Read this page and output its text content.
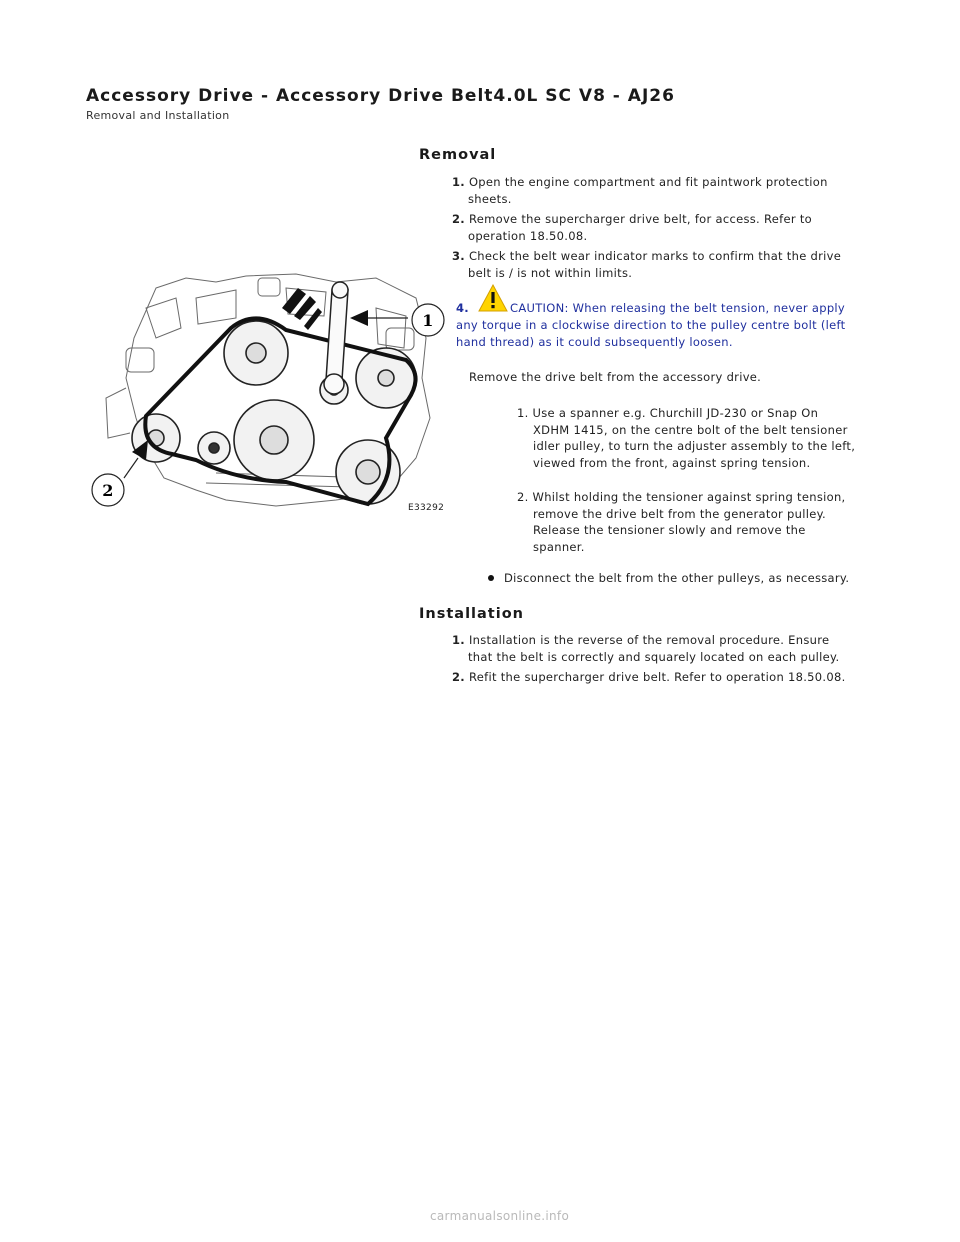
Accessory Drive - Accessory Drive Belt4.0L SC V8 - AJ26
Removal and Installation
1
2
E33292
Removal
1. Open the engine compartment and fit paintwork protection
sheets.
2. Remove the supercharger drive belt, for access. Refer to
operation 18.50.08.
3. Check the belt wear indicator marks to confirm that the drive
belt is / is not within limits.
4.	CAUTION: When releasing the belt tension, never apply
any torque in a clockwise direction to the pulley centre bolt (left
hand thread) as it could subsequently loosen.
Remove the drive belt from the accessory drive.
1. Use a spanner e.g. Churchill JD-230 or Snap On
XDHM 1415, on the centre bolt of the belt tensioner
idler pulley, to turn the adjuster assembly to the left,
viewed from the front, against spring tension.
2. Whilst holding the tensioner against spring tension,
remove the drive belt from the generator pulley.
Release the tensioner slowly and remove the
spanner.
Disconnect the belt from the other pulleys, as necessary.
Installation
1. Installation is the reverse of the removal procedure. Ensure
that the belt is correctly and squarely located on each pulley.
2. Refit the supercharger drive belt. Refer to operation 18.50.08.
carmanualsonline.info
